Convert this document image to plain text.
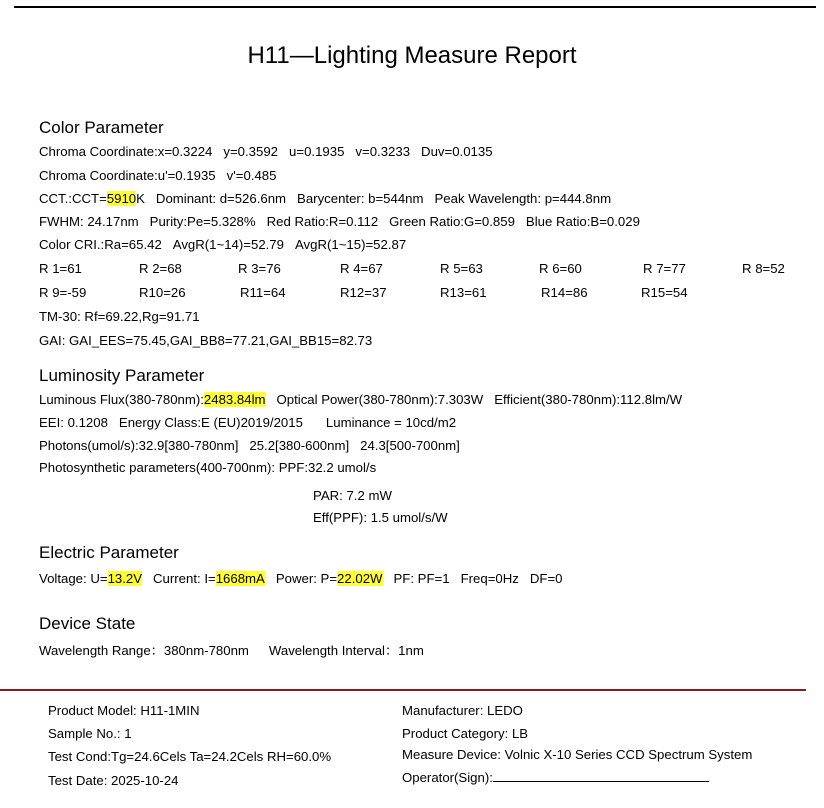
H11—Lighting Measure Report
Color Parameter
Chroma Coordinate:x=0.3224 y=0.3592 u=0.1935 v=0.3233 Duv=0.0135
Chroma Coordinate:u'=0.1935 v'=0.485
CCT.:CCT=5910K Dominant: d=526.6nm Barycenter: b=544nm Peak Wavelength: p=444.8nm
FWHM: 24.17nm Purity:Pe=5.328% Red Ratio:R=0.112 Green Ratio:G=0.859 Blue Ratio:B=0.029
Color CRI.:Ra=65.42 AvgR(1~14)=52.79 AvgR(1~15)=52.87
R 1=61	R 2=68	R 3=76	R 4=67	R 5=63	R 6=60	R 7=77	R 8=52
R 9=-59	R10=26	R11=64	R12=37	R13=61	R14=86	R15=54
TM-30: Rf=69.22,Rg=91.71
GAI: GAI_EES=75.45,GAI_BB8=77.21,GAI_BB15=82.73
Luminosity Parameter
Luminous Flux(380-780nm):2483.84lm Optical Power(380-780nm):7.303W Efficient(380-780nm):112.8lm/W
EEI: 0.1208 Energy Class:E (EU)2019/2015 Luminance = 10cd/m2
Photons(umol/s):32.9[380-780nm] 25.2[380-600nm] 24.3[500-700nm]
Photosynthetic parameters(400-700nm): PPF:32.2 umol/s
PAR: 7.2 mW
Eff(PPF): 1.5 umol/s/W
Electric Parameter
Voltage: U=13.2V Current: I=1668mA Power: P=22.02W PF: PF=1 Freq=0Hz DF=0
Device State
Wavelength Range：380nm-780nm Wavelength Interval：1nm
Product Model: H11-1MIN
Sample No.: 1
Test Cond:Tg=24.6Cels Ta=24.2Cels RH=60.0%
Test Date: 2025-10-24
Manufacturer: LEDO
Product Category: LB
Measure Device: Volnic X-10 Series CCD Spectrum System
Operator(Sign):
